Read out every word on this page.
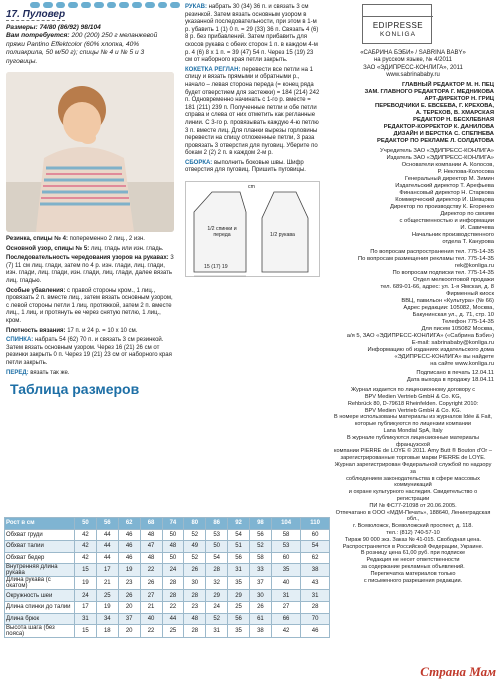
17. Пуловер
Размеры: 74/80 (86/92) 98/104
Вам потребуется: 200 (200) 250 г меланжевой пряжи Pantino Effektcolor (60% хлопка, 40% полиакрила, 50 м/50 г); спицы № 4 и № 5 и 3 пуговицы.
Резинка, спицы № 4: попеременно 2 лиц., 2 изн.
Основной узор, спицы № 5: лиц. гладь или изн. гладь.
Последовательность чередования узоров на рукавах: 3 (7) 11 см лиц. глади, затем по 4 р. изн. глади, лиц. глади, изн. глади, лиц. глади, изн. глади, лиц. глади, далее вязать лиц. гладью.
Особые убавления: с правой стороны кром., 1 лиц., провязать 2 п. вместе лиц., затем вязать основным узором, с левой стороны петли 1 лиц. протяжкой, затем 2 п. вместе лиц., 1 лиц. и протянуть ее через снятую петлю, 1 лиц., кром.
Плотность вязания: 17 п. и 24 р. = 10 х 10 см.
СПИНКА: набрать 54 (62) 70 п. и связать 3 см резинкой. Затем вязать основным узором. Через 16 (21) 26 см от резинки закрыть 0 п. Через 19 (21) 23 см от наборного края петли закрыть.
ПЕРЕД: вязать так же.
Таблица размеров
РУКАВ: набрать 30 (34) 36 п. и связать 3 см резинкой. Затем вязать основным узором в указанной последовательности, при этом в 1-м р. убавить 1 (1) 0 п. = 29 (33) 36 п. Связать 4 (6) 8 р. без прибавлений. Затем прибавить для скосов рукава с обеих сторон 1 п. в каждом 4-м р. 4 (6) 8 х 1 п. = 39 (47) 54 п. Через 15 (19) 23 см от наборного края петли закрыть.
КОКЕТКА РЕГЛАН: перевести все петли на 1 спицу и вязать прямыми и обратными р., начало – левая сторона переда (= конец ряда будет отверстием для застежки) = 184 (214) 242 п. Одновременно начинать с 1-го р. вместе = 181 (211) 239 п. Полученные петли и обе петли справа и слева от них отметить как регланные линии. С 3-го р. провязывать каждую 4-ю петлю 3 п. вместе лиц. Для планки вырезы горловины перевести на спицу отложенные петли, 3 раза провязать 3 отверстия для пуговиц. Уберите по бокам 2 (2) 2 п. в каждом 2-м р.
СБОРКА: выполнить боковые швы. Шифр отверстия для пуговиц. Пришить пуговицы.
1/2 спинки и переда	1/2 рукава
15 (17) 19
cm
EDIPRESSE
KONLIGA
«САБРИНА БЭБИ» / SABRINA BABY»
на русском языке, № 4/2011
ЗАО «ЭДИПРЕСС-КОНЛИГА», 2011
www.sabrinababy.ru
ГЛАВНЫЙ РЕДАКТОР М. Н. ПЕЦ
ЗАМ. ГЛАВНОГО РЕДАКТОРА Г. МЕДНИКОВА
АРТ-ДИРЕКТОР Н. ГРИЦ
ПЕРЕВОДЧИКИ Е. ЕВСЕЕВА, Г. КРЕХОВА,
А. ТЕРЕХОВ, В. ХМАРСКАЯ
РЕДАКТОР Н. БЕСХЛЕБНАЯ
РЕДАКТОР-КОРРЕКТОР К. ДАНИЛОВА
ДИЗАЙН И ВЕРСТКА С. СПЕПНЕВА
РЕДАКТОР ПО РЕКЛАМЕ Л. СОЛДАТОВА
Учредитель ЗАО «ЭДИПРЕСС-КОНЛИГА»
Издатель ЗАО «ЭДИПРЕСС-КОНЛИГА»
Основатели компании А. Колосов,
Р. Неклова-Колосова
Генеральный директор М. Зимин
Издательский директор Т. Арефьева
Финансовый директор Н. Старкова
Коммерческий директор И. Шевцова
Директор по производству К. Егоренко
Директор по связям
с общественностью и информации
И. Савичева
Начальник производственного
отдела Т. Канурова
По вопросам распространения тел. 775-14-35
По вопросам размещения рекламы тел. 775-14-35
rek@konliga.ru
По вопросам подписки тел. 775-14-35
Отдел мелкооптовой продажи
тел. 689-01-66, адрес: ул. 1-я Ямская, д. 8
Фирменный киоск
ВВЦ, павильон «Культура» (№ 66)
Адрес редакции: 105082, Москва,
Бакунинская ул., д. 71, стр. 10
Телефон 775-14-35
Для писем 105082 Москва,
а/я 5, ЗАО «ЭДИПРЕСС-КОНЛИГА» («Сабрина Бэби»)
E-mail: sabrinababy@konliga.ru
Информацию об изданиях издательского дома
«ЭДИПРЕСС-КОНЛИГА» вы найдете
на сайте www.konliga.ru
Подписано в печать 12.04.11
Дата выхода в продажу 18.04.11
Журнал издается по лицензионному договору с
BPV Medien Vertrieb GmbH & Co. KG,
Rehbrück 80, D-79618 Rheinfelden. Copyright 2010:
BPV Medien Vertrieb GmbH & Co. KG.
В номере использованы материалы из журналов Idée & Fait,
которые публикуются по лицензии компании
Lana Mondial SpA, Italy
В журнале публикуются лицензионные материалы французской
компании PIERRE de LOYE © 2011. Amy Butt ® Bouton d'Or –
зарегистрированные торговые марки PIERRE de LOYE.
Журнал зарегистрирован Федеральной службой по надзору за
соблюдением законодательства в сфере массовых коммуникаций
и охране культурного наследия. Свидетельство о регистрации
ПИ № ФС77-21098 от 20.06.2005.
Отпечатано в ООО «МДМ-Печать», 188640, Ленинградская обл.,
г. Всеволожск, Всеволожский проспект, д. 118.
тел.: (812) 740-57-10
Тираж 90 000 экз. Заказ № 41-015. Свободная цена.
Распространяется в Российской Федерации, Украине.
В розницу цена 61,00 руб. при подписке
Редакция не несет ответственности
за содержание рекламных объявлений.
Перепечатка материалов только
с письменного разрешения редакции.
Рост в см	50	56	62	68	74	80	86	92	98	104	110
Обхват груди	42	44	46	48	50	52	53	54	56	58	60
Обхват талии	42	44	46	47	48	49	50	51	52	53	54
Обхват бедер	42	44	46	48	50	52	54	56	58	60	62
Внутренняя длина рукава	15	17	19	22	24	26	28	31	33	35	38
Длина рукава (с окатом)	19	21	23	26	28	30	32	35	37	40	43
Окружность шеи	24	25	26	27	28	28	29	29	30	31	31
Длина спинки до талии	17	19	20	21	22	23	24	25	26	27	28
Длина брюк	31	34	37	40	44	48	52	56	61	66	70
Высота шага (без пояса)	15	18	20	22	25	28	31	35	38	42	46
Страна Мам
